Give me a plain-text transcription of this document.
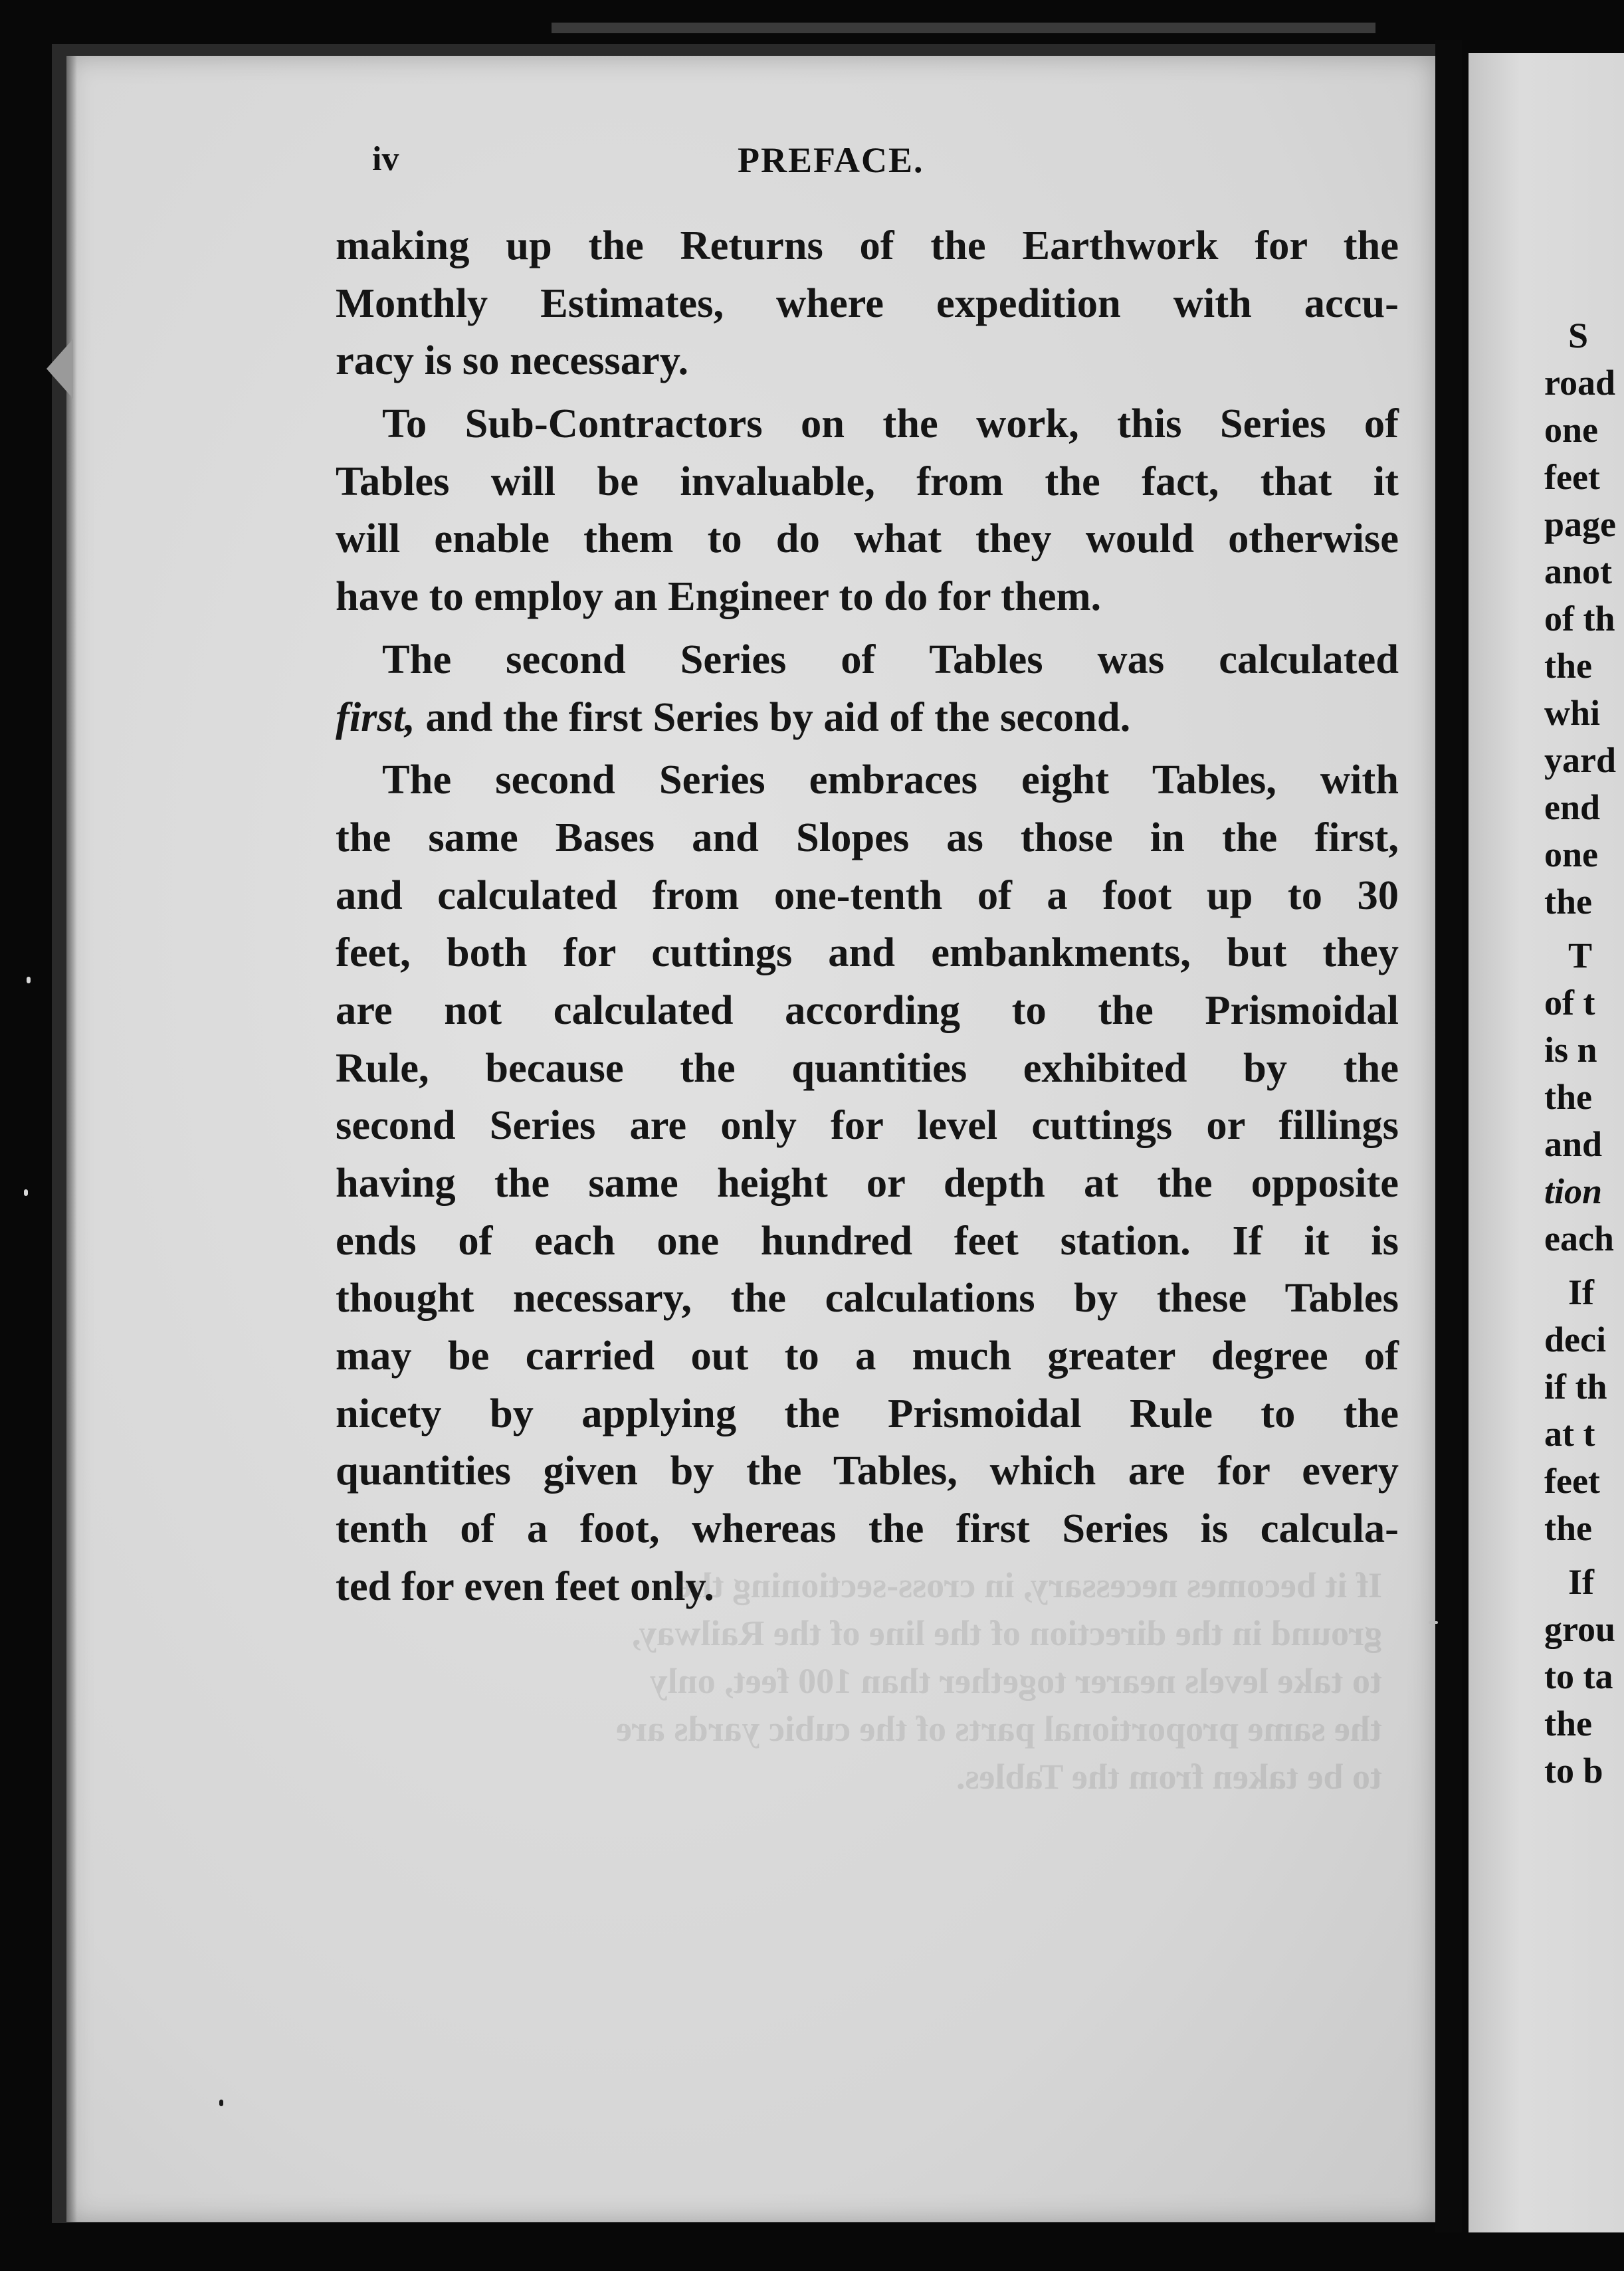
S
road
one
feet
page
anot
of th
the
whi
yard
end
one
the
T
of t
is n
the
and
tion
each
If
deci
if th
at t
feet
the
If
grou
to ta
the
to b
iv	PREFACE.
making up the Returns of the Earthwork for the
Monthly Estimates, where expedition with accu-
racy is so necessary.
To Sub-Contractors on the work, this Series of
Tables will be invaluable, from the fact, that it
will enable them to do what they would otherwise
have to employ an Engineer to do for them.
The second Series of Tables was calculated
first, and the first Series by aid of the second.
The second Series embraces eight Tables, with
the same Bases and Slopes as those in the first,
and calculated from one-tenth of a foot up to 30
feet, both for cuttings and embankments, but they
are not calculated according to the Prismoidal
Rule, because the quantities exhibited by the
second Series are only for level cuttings or fillings
having the same height or depth at the opposite
ends of each one hundred feet station. If it is
thought necessary, the calculations by these Tables
may be carried out to a much greater degree of
nicety by applying the Prismoidal Rule to the
quantities given by the Tables, which are for every
tenth of a foot, whereas the first Series is calcula-
ted for even feet only.
If it becomes necessary, in cross-sectioning the
ground in the direction of the line of the Railway,
to take levels nearer together than 100 feet, only
the same proportional parts of the cubic yards are
to be taken from the Tables.
